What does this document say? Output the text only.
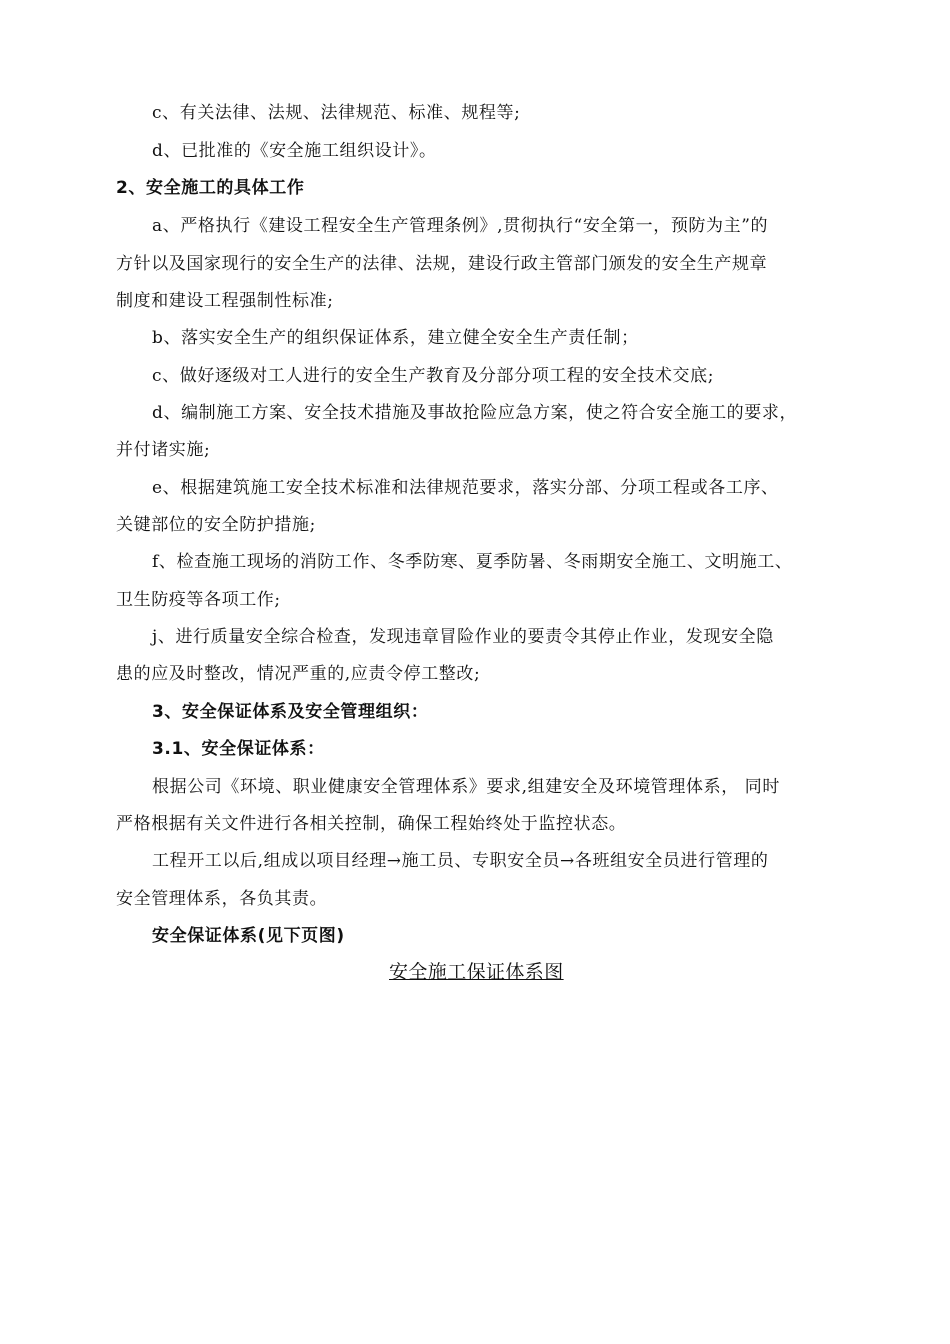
c、有关法律、法规、法律规范、标准、规程等;
d、已批准的《安全施工组织设计》。
2、安全施工的具体工作
a、严格执行《建设工程安全生产管理条例》,贯彻执行“安全第一，预防为主”的
方针以及国家现行的安全生产的法律、法规，建设行政主管部门颁发的安全生产规章
制度和建设工程强制性标准;
b、落实安全生产的组织保证体系，建立健全安全生产责任制；
c、做好逐级对工人进行的安全生产教育及分部分项工程的安全技术交底;
d、编制施工方案、安全技术措施及事故抢险应急方案，使之符合安全施工的要求，
并付诸实施;
e、根据建筑施工安全技术标准和法律规范要求，落实分部、分项工程或各工序、
关键部位的安全防护措施;
f、检查施工现场的消防工作、冬季防寒、夏季防暑、冬雨期安全施工、文明施工、
卫生防疫等各项工作;
j、进行质量安全综合检查，发现违章冒险作业的要责令其停止作业，发现安全隐
患的应及时整改，情况严重的,应责令停工整改;
3、安全保证体系及安全管理组织：
3.1、安全保证体系：
根据公司《环境、职业健康安全管理体系》要求,组建安全及环境管理体系， 同时
严格根据有关文件进行各相关控制，确保工程始终处于监控状态。
工程开工以后,组成以项目经理→施工员、专职安全员→各班组安全员进行管理的
安全管理体系，各负其责。
安全保证体系(见下页图)
安全施工保证体系图
